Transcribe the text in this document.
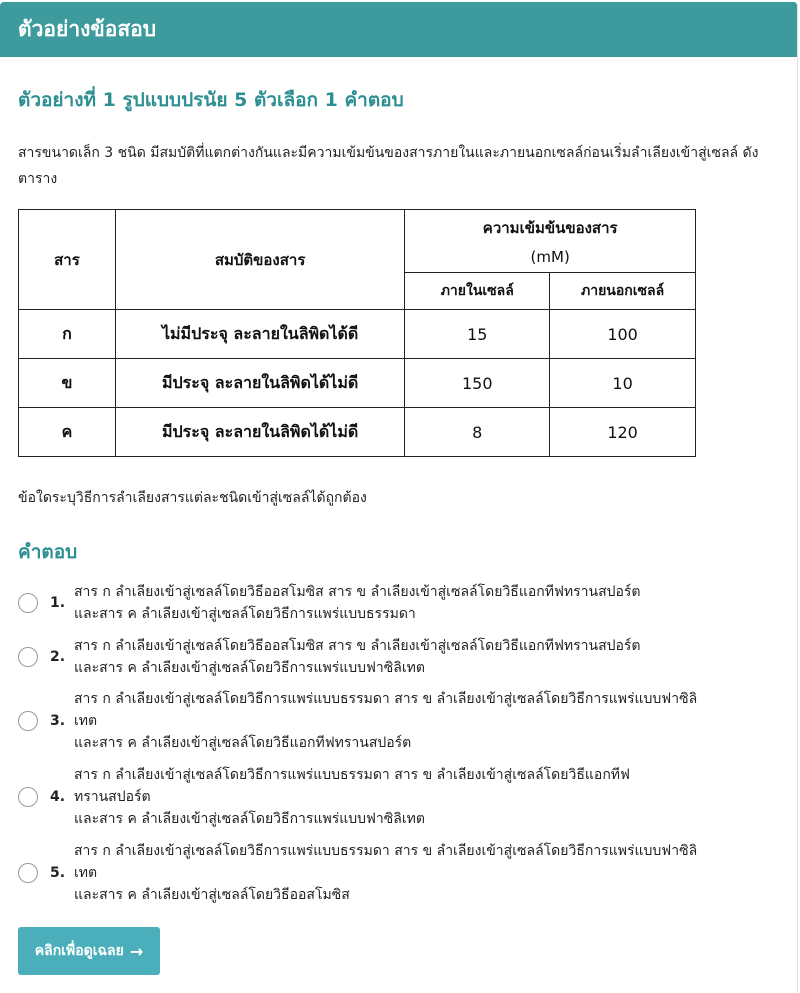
ตัวอย่างข้อสอบ
ตัวอย่างที่ 1 รูปแบบปรนัย 5 ตัวเลือก 1 คำตอบ
สารขนาดเล็ก 3 ชนิด มีสมบัติที่แตกต่างกันและมีความเข้มข้นของสารภายในและภายนอกเซลล์ก่อนเริ่มลำเลียงเข้าสู่เซลล์ ดังตาราง
สาร	สมบัติของสาร	ความเข้มข้นของสาร
(mM)	

		ภายในเซลล์	ภายนอกเซลล์
ก	ไม่มีประจุ ละลายในลิพิดได้ดี	15	100
ข	มีประจุ ละลายในลิพิดได้ไม่ดี	150	10
ค	มีประจุ ละลายในลิพิดได้ไม่ดี	8	120
ข้อใดระบุวิธีการลำเลียงสารแต่ละชนิดเข้าสู่เซลล์ได้ถูกต้อง
คำตอบ
1.
สาร ก ลำเลียงเข้าสู่เซลล์โดยวิธีออสโมซิส สาร ข ลำเลียงเข้าสู่เซลล์โดยวิธีแอกทีฟทรานสปอร์ต
และสาร ค ลำเลียงเข้าสู่เซลล์โดยวิธีการแพร่แบบธรรมดา
2.
สาร ก ลำเลียงเข้าสู่เซลล์โดยวิธีออสโมซิส สาร ข ลำเลียงเข้าสู่เซลล์โดยวิธีแอกทีฟทรานสปอร์ต
และสาร ค ลำเลียงเข้าสู่เซลล์โดยวิธีการแพร่แบบฟาซิลิเทต
3.
สาร ก ลำเลียงเข้าสู่เซลล์โดยวิธีการแพร่แบบธรรมดา สาร ข ลำเลียงเข้าสู่เซลล์โดยวิธีการแพร่แบบฟาซิลิ
เทต
และสาร ค ลำเลียงเข้าสู่เซลล์โดยวิธีแอกทีฟทรานสปอร์ต
4.
สาร ก ลำเลียงเข้าสู่เซลล์โดยวิธีการแพร่แบบธรรมดา สาร ข ลำเลียงเข้าสู่เซลล์โดยวิธีแอกทีฟ
ทรานสปอร์ต
และสาร ค ลำเลียงเข้าสู่เซลล์โดยวิธีการแพร่แบบฟาซิลิเทต
5.
สาร ก ลำเลียงเข้าสู่เซลล์โดยวิธีการแพร่แบบธรรมดา สาร ข ลำเลียงเข้าสู่เซลล์โดยวิธีการแพร่แบบฟาซิลิ
เทต
และสาร ค ลำเลียงเข้าสู่เซลล์โดยวิธีออสโมซิส
คลิกเพื่อดูเฉลย →
